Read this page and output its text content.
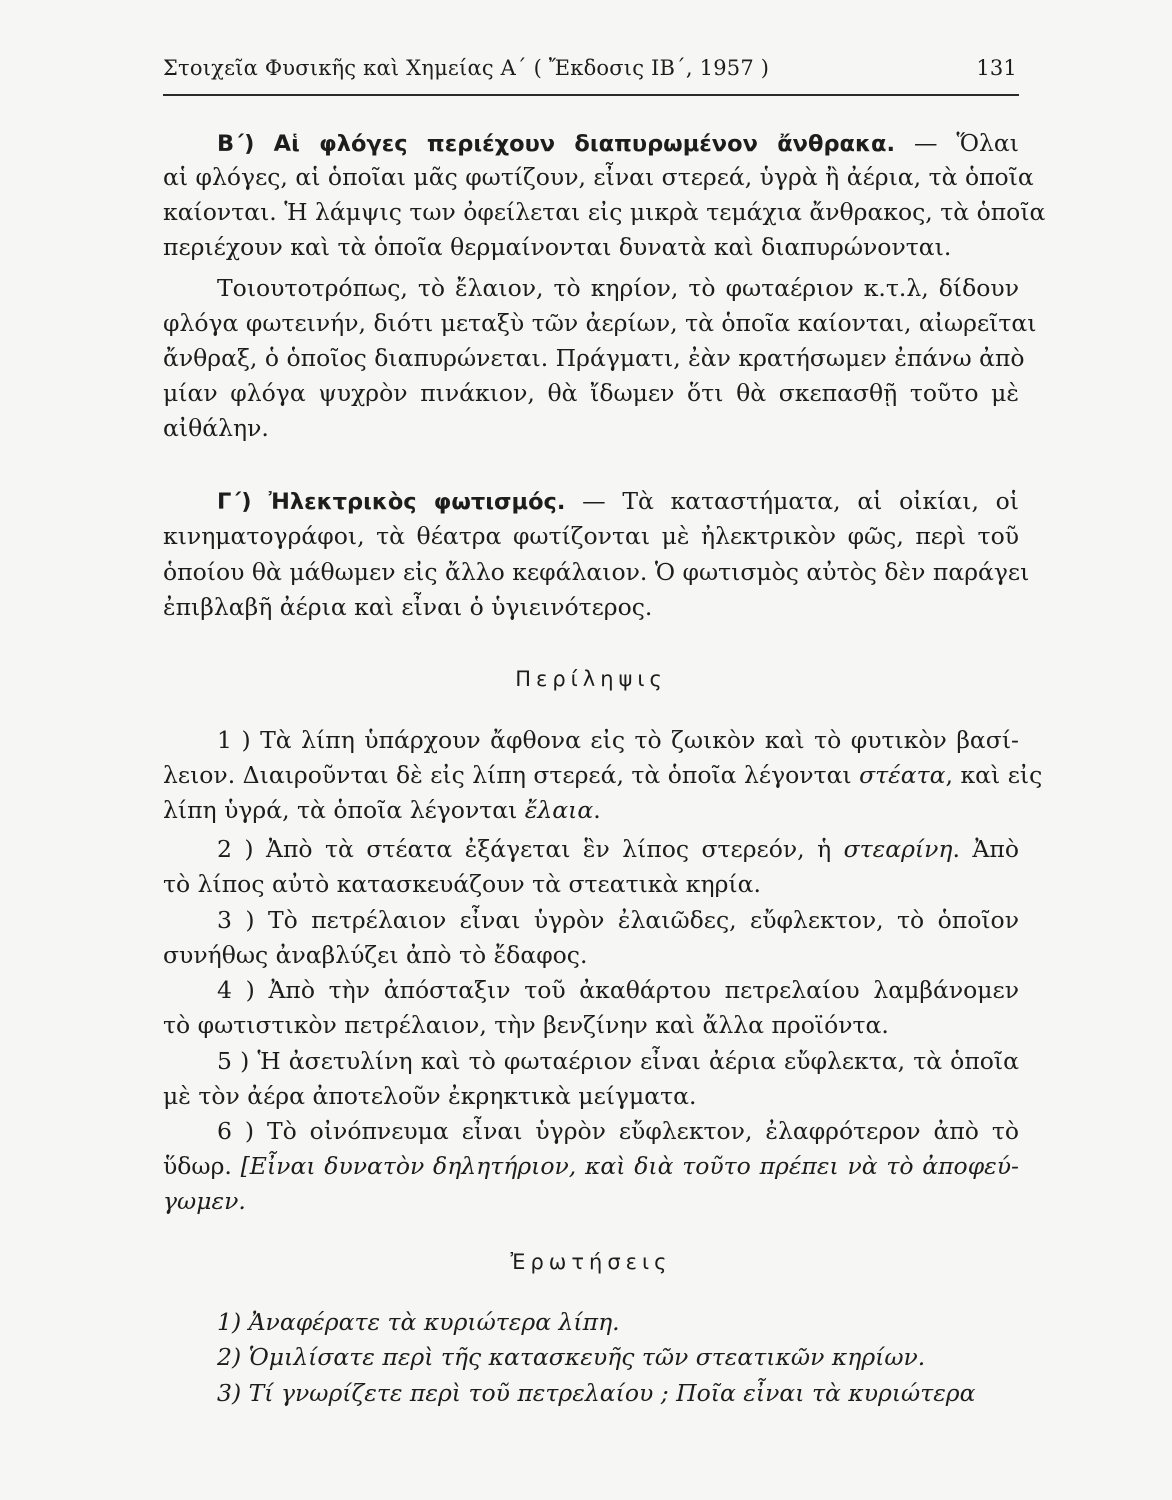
Στοιχεῖα Φυσικῆς καὶ Χημείας Α΄ ( Ἔκδοσις ΙΒ΄, 1957 )	131
Β΄) Αἱ φλόγες περιέχουν διαπυρωμένον ἄνθρακα. — Ὅλαι
αἱ φλόγες, αἱ ὁποῖαι μᾶς φωτίζουν, εἶναι στερεά, ὑγρὰ ἢ ἀέρια, τὰ ὁποῖα
καίονται. Ἡ λάμψις των ὀφείλεται εἰς μικρὰ τεμάχια ἄνθρακος, τὰ ὁποῖα
περιέχουν καὶ τὰ ὁποῖα θερμαίνονται δυνατὰ καὶ διαπυρώνονται.
Τοιουτοτρόπως, τὸ ἔλαιον, τὸ κηρίον, τὸ φωταέριον κ.τ.λ, δίδουν
φλόγα φωτεινήν, διότι μεταξὺ τῶν ἀερίων, τὰ ὁποῖα καίονται, αἰωρεῖται
ἄνθραξ, ὁ ὁποῖος διαπυρώνεται. Πράγματι, ἐὰν κρατήσωμεν ἐπάνω ἀπὸ
μίαν φλόγα ψυχρὸν πινάκιον, θὰ ἴδωμεν ὅτι θὰ σκεπασθῇ τοῦτο μὲ
αἰθάλην.
Γ΄) Ἠλεκτρικὸς φωτισμός. — Τὰ καταστήματα, αἱ οἰκίαι, οἱ
κινηματογράφοι, τὰ θέατρα φωτίζονται μὲ ἠλεκτρικὸν φῶς, περὶ τοῦ
ὁποίου θὰ μάθωμεν εἰς ἄλλο κεφάλαιον. Ὁ φωτισμὸς αὐτὸς δὲν παράγει
ἐπιβλαβῆ ἀέρια καὶ εἶναι ὁ ὑγιεινότερος.
Περίληψις
1 ) Τὰ λίπη ὑπάρχουν ἄφθονα εἰς τὸ ζωικὸν καὶ τὸ φυτικὸν βασί-
λειον. Διαιροῦνται δὲ εἰς λίπη στερεά, τὰ ὁποῖα λέγονται στέατα, καὶ εἰς
λίπη ὑγρά, τὰ ὁποῖα λέγονται ἔλαια.
2 ) Ἀπὸ τὰ στέατα ἐξάγεται ἓν λίπος στερεόν, ἡ στεαρίνη. Ἀπὸ
τὸ λίπος αὐτὸ κατασκευάζουν τὰ στεατικὰ κηρία.
3 ) Τὸ πετρέλαιον εἶναι ὑγρὸν ἐλαιῶδες, εὔφλεκτον, τὸ ὁποῖον
συνήθως ἀναβλύζει ἀπὸ τὸ ἔδαφος.
4 ) Ἀπὸ τὴν ἀπόσταξιν τοῦ ἀκαθάρτου πετρελαίου λαμβάνομεν
τὸ φωτιστικὸν πετρέλαιον, τὴν βενζίνην καὶ ἄλλα προϊόντα.
5 ) Ἡ ἀσετυλίνη καὶ τὸ φωταέριον εἶναι ἀέρια εὔφλεκτα, τὰ ὁποῖα
μὲ τὸν ἀέρα ἀποτελοῦν ἐκρηκτικὰ μείγματα.
6 ) Τὸ οἰνόπνευμα εἶναι ὑγρὸν εὔφλεκτον, ἐλαφρότερον ἀπὸ τὸ
ὕδωρ. [Εἶναι δυνατὸν δηλητήριον, καὶ διὰ τοῦτο πρέπει νὰ τὸ ἀποφεύ-
γωμεν.
Ἐρωτήσεις
1) Ἀναφέρατε τὰ κυριώτερα λίπη.
2) Ὁμιλίσατε περὶ τῆς κατασκευῆς τῶν στεατικῶν κηρίων.
3) Τί γνωρίζετε περὶ τοῦ πετρελαίου ; Ποῖα εἶναι τὰ κυριώτερα
